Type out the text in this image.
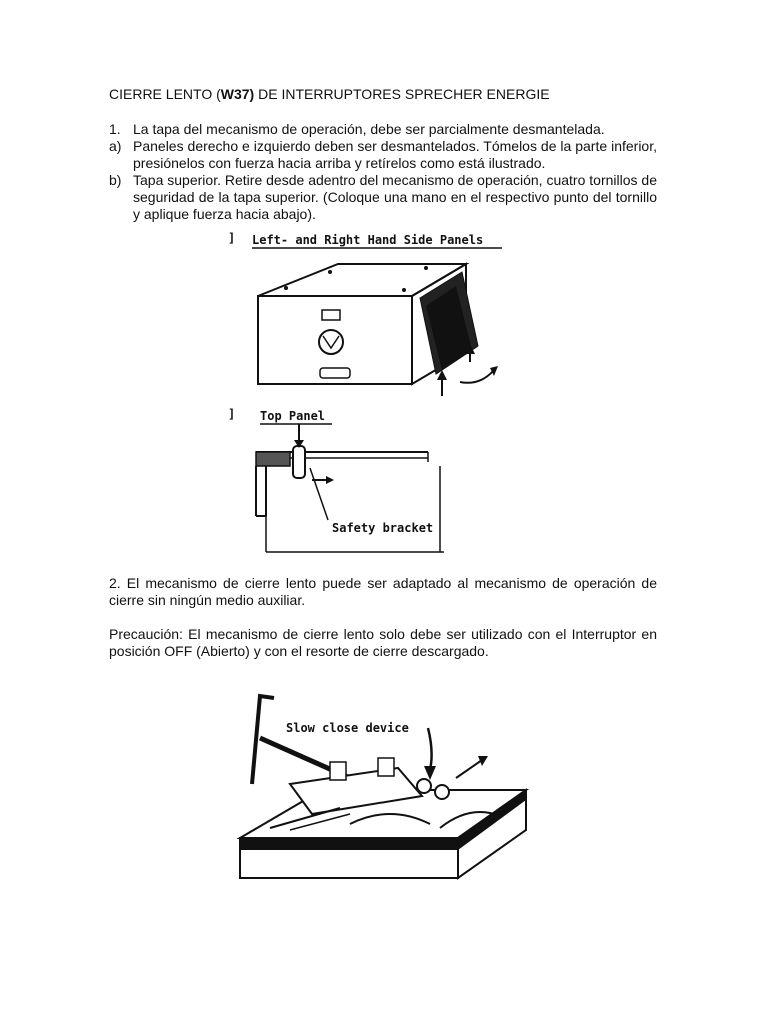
CIERRE LENTO (W37) DE INTERRUPTORES SPRECHER ENERGIE
1. La tapa del mecanismo de operación, debe ser parcialmente desmantelada.
a) Paneles derecho e izquierdo deben ser desmantelados. Tómelos de la parte inferior, presiónelos con fuerza hacia arriba y retírelos como está ilustrado.
b) Tapa superior. Retire desde adentro del mecanismo de operación, cuatro tornillos de seguridad de la tapa superior. (Coloque una mano en el respectivo punto del tornillo y aplique fuerza hacia abajo).
] Left- and Right Hand Side Panels
] Top Panel
Safety bracket
2. El mecanismo de cierre lento puede ser adaptado al mecanismo de operación de cierre sin ningún medio auxiliar.
Precaución: El mecanismo de cierre lento solo debe ser utilizado con el Interruptor en posición OFF (Abierto) y con el resorte de cierre descargado.
Slow close device
